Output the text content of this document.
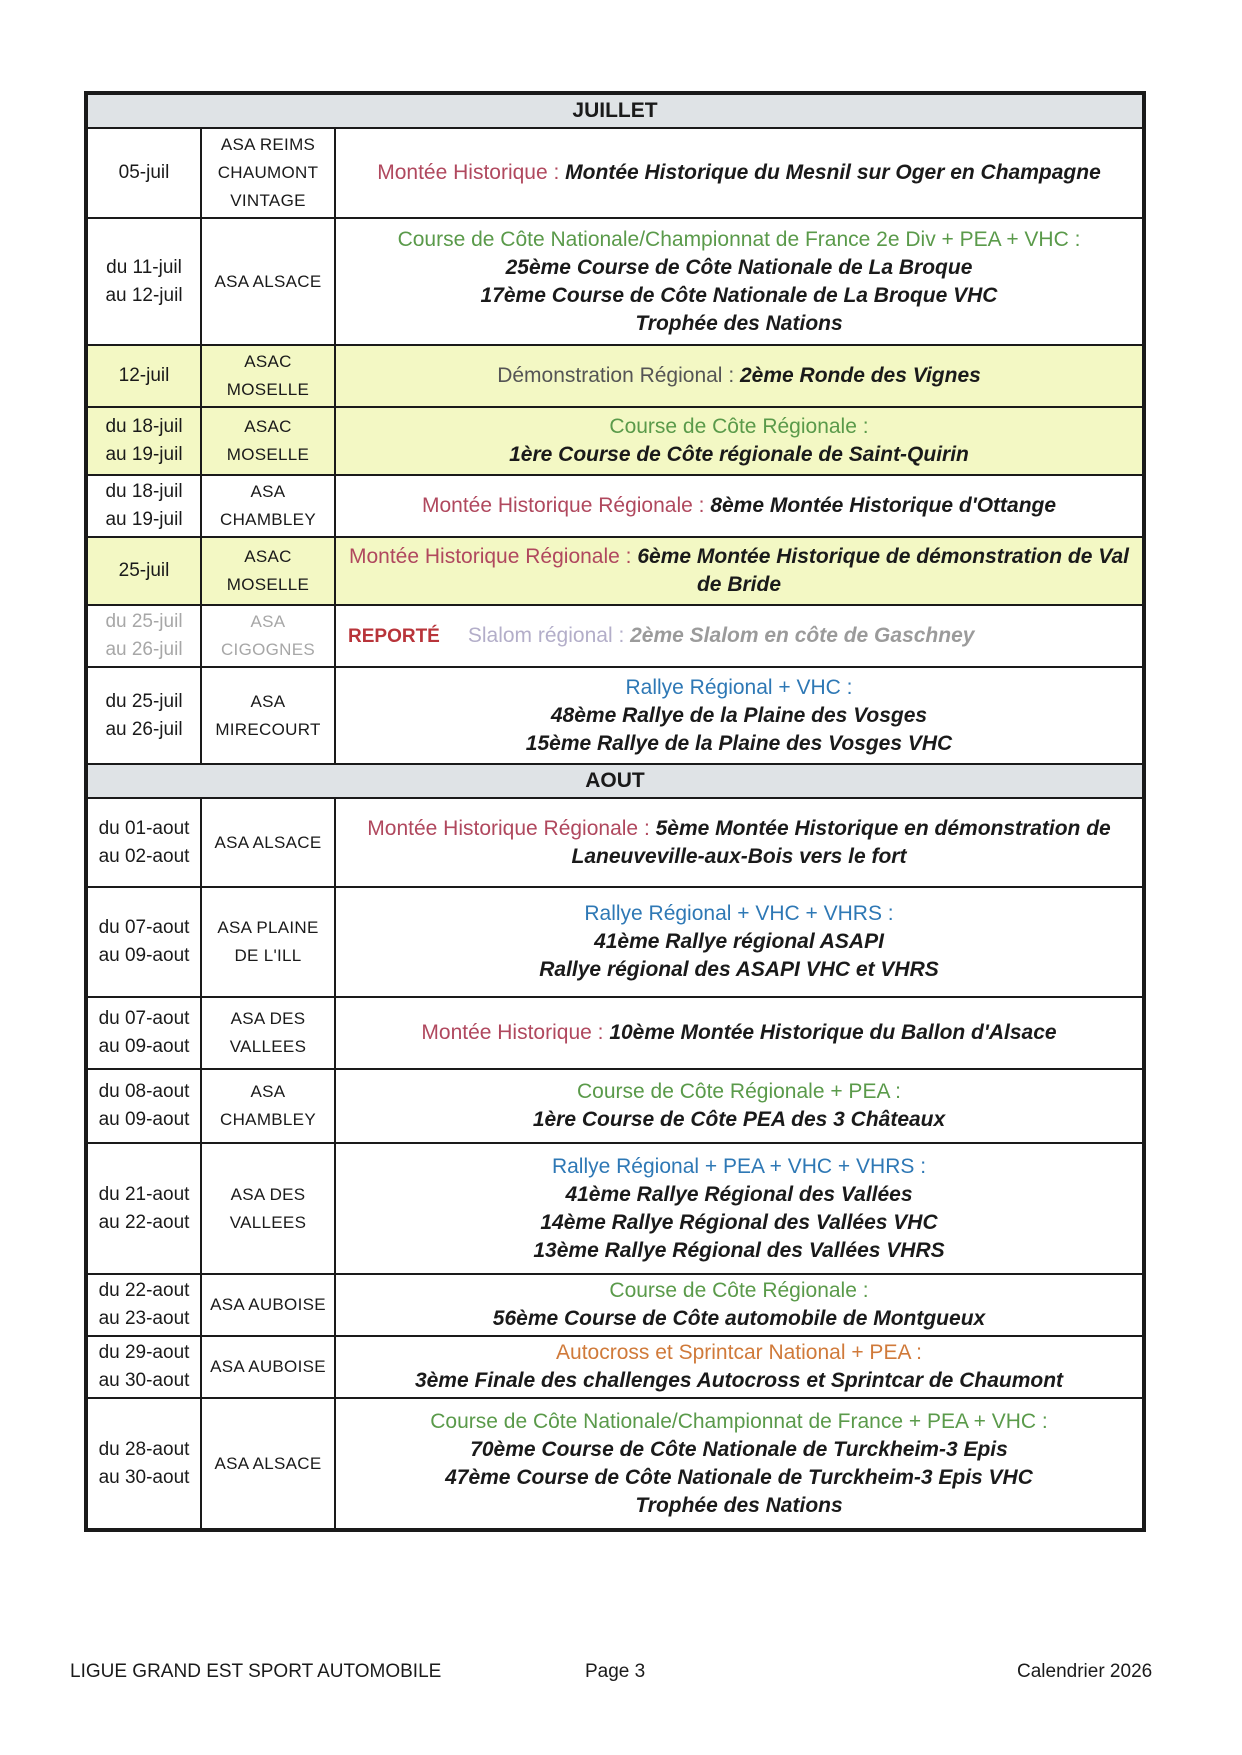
JUILLET		
05-juil	ASA REIMS CHAUMONT VINTAGE	Montée Historique : Montée Historique du Mesnil sur Oger en Champagne
du 11-juil au 12-juil	ASA ALSACE	Course de Côte Nationale/Championnat de France 2e Div + PEA + VHC :
25ème Course de Côte Nationale de La Broque
17ème Course de Côte Nationale de La Broque VHC
Trophée des Nations

12-juil	ASAC MOSELLE	Démonstration Régional : 2ème Ronde des Vignes
du 18-juil au 19-juil	ASAC MOSELLE	Course de Côte Régionale :
1ère Course de Côte régionale de Saint-Quirin

du 18-juil au 19-juil	ASA CHAMBLEY	Montée Historique Régionale : 8ème Montée Historique d'Ottange
25-juil	ASAC MOSELLE	Montée Historique Régionale : 6ème Montée Historique de démonstration de Val de Bride
du 25-juil au 26-juil	ASA CIGOGNES	REPORTÉ Slalom régional : 2ème Slalom en côte de Gaschney
du 25-juil au 26-juil	ASA MIRECOURT	Rallye Régional + VHC :
48ème Rallye de la Plaine des Vosges
15ème Rallye de la Plaine des Vosges VHC

AOUT		
du 01-aout au 02-aout	ASA ALSACE	Montée Historique Régionale : 5ème Montée Historique en démonstration de Laneuveville-aux-Bois vers le fort
du 07-aout au 09-aout	ASA PLAINE DE L'ILL	Rallye Régional + VHC + VHRS :
41ème Rallye régional ASAPI
Rallye régional des ASAPI VHC et VHRS

du 07-aout au 09-aout	ASA DES VALLEES	Montée Historique : 10ème Montée Historique du Ballon d'Alsace
du 08-aout au 09-aout	ASA CHAMBLEY	Course de Côte Régionale + PEA :
1ère Course de Côte PEA des 3 Châteaux

du 21-aout au 22-aout	ASA DES VALLEES	Rallye Régional + PEA + VHC + VHRS :
41ème Rallye Régional des Vallées
14ème Rallye Régional des Vallées VHC
13ème Rallye Régional des Vallées VHRS

du 22-aout au 23-aout	ASA AUBOISE	Course de Côte Régionale :
56ème Course de Côte automobile de Montgueux

du 29-aout au 30-aout	ASA AUBOISE	Autocross et Sprintcar National + PEA :
3ème Finale des challenges Autocross et Sprintcar de Chaumont

du 28-aout au 30-aout	ASA ALSACE	Course de Côte Nationale/Championnat de France + PEA + VHC :
70ème Course de Côte Nationale de Turckheim-3 Epis
47ème Course de Côte Nationale de Turckheim-3 Epis VHC
Trophée des Nations
LIGUE GRAND EST SPORT AUTOMOBILE	Page 3	Calendrier 2026
